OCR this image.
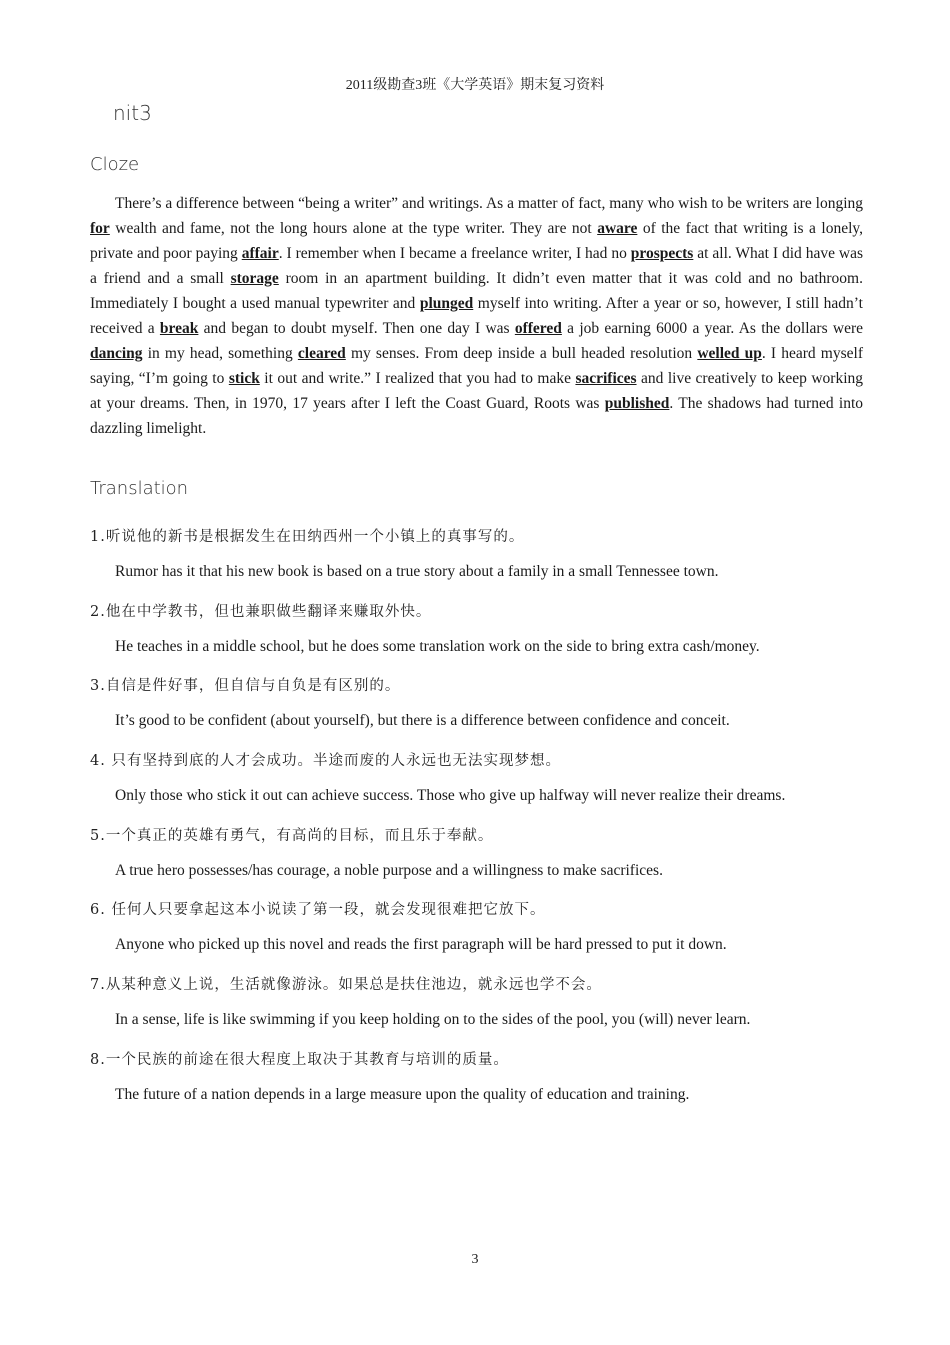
2011级勘查3班《大学英语》期末复习资料
nit3
Cloze

There’s a difference between “being a writer” and writings. As a matter of fact, many who wish to be writers are longing for wealth and fame, not the long hours alone at the type writer. They are not aware of the fact that writing is a lonely, private and poor paying affair. I remember when I became a freelance writer, I had no prospects at all. What I did have was a friend and a small storage room in an apartment building. It didn’t even matter that it was cold and no bathroom. Immediately I bought a used manual typewriter and plunged myself into writing. After a year or so, however, I still hadn’t received a break and began to doubt myself. Then one day I was offered a job earning 6000 a year. As the dollars were dancing in my head, something cleared my senses. From deep inside a bull headed resolution welled up. I heard myself saying, “I’m going to stick it out and write.” I realized that you had to make sacrifices and live creatively to keep working at your dreams. Then, in 1970, 17 years after I left the Coast Guard, Roots was published. The shadows had turned into dazzling limelight.

Translation
1.听说他的新书是根据发生在田纳西州一个小镇上的真事写的。
Rumor has it that his new book is based on a true story about a family in a small Tennessee town.
2.他在中学教书，但也兼职做些翻译来赚取外快。
He teaches in a middle school, but he does some translation work on the side to bring extra cash/money.
3.自信是件好事，但自信与自负是有区别的。
It’s good to be confident (about yourself), but there is a difference between confidence and conceit.
4. 只有坚持到底的人才会成功。半途而废的人永远也无法实现梦想。
Only those who stick it out can achieve success. Those who give up halfway will never realize their dreams.
5.一个真正的英雄有勇气，有高尚的目标，而且乐于奉献。
A true hero possesses/has courage, a noble purpose and a willingness to make sacrifices.
6. 任何人只要拿起这本小说读了第一段，就会发现很难把它放下。
Anyone who picked up this novel and reads the first paragraph will be hard pressed to put it down.
7.从某种意义上说，生活就像游泳。如果总是扶住池边，就永远也学不会。
In a sense, life is like swimming if you keep holding on to the sides of the pool, you (will) never learn.
8.一个民族的前途在很大程度上取决于其教育与培训的质量。
The future of a nation depends in a large measure upon the quality of education and training.
3
